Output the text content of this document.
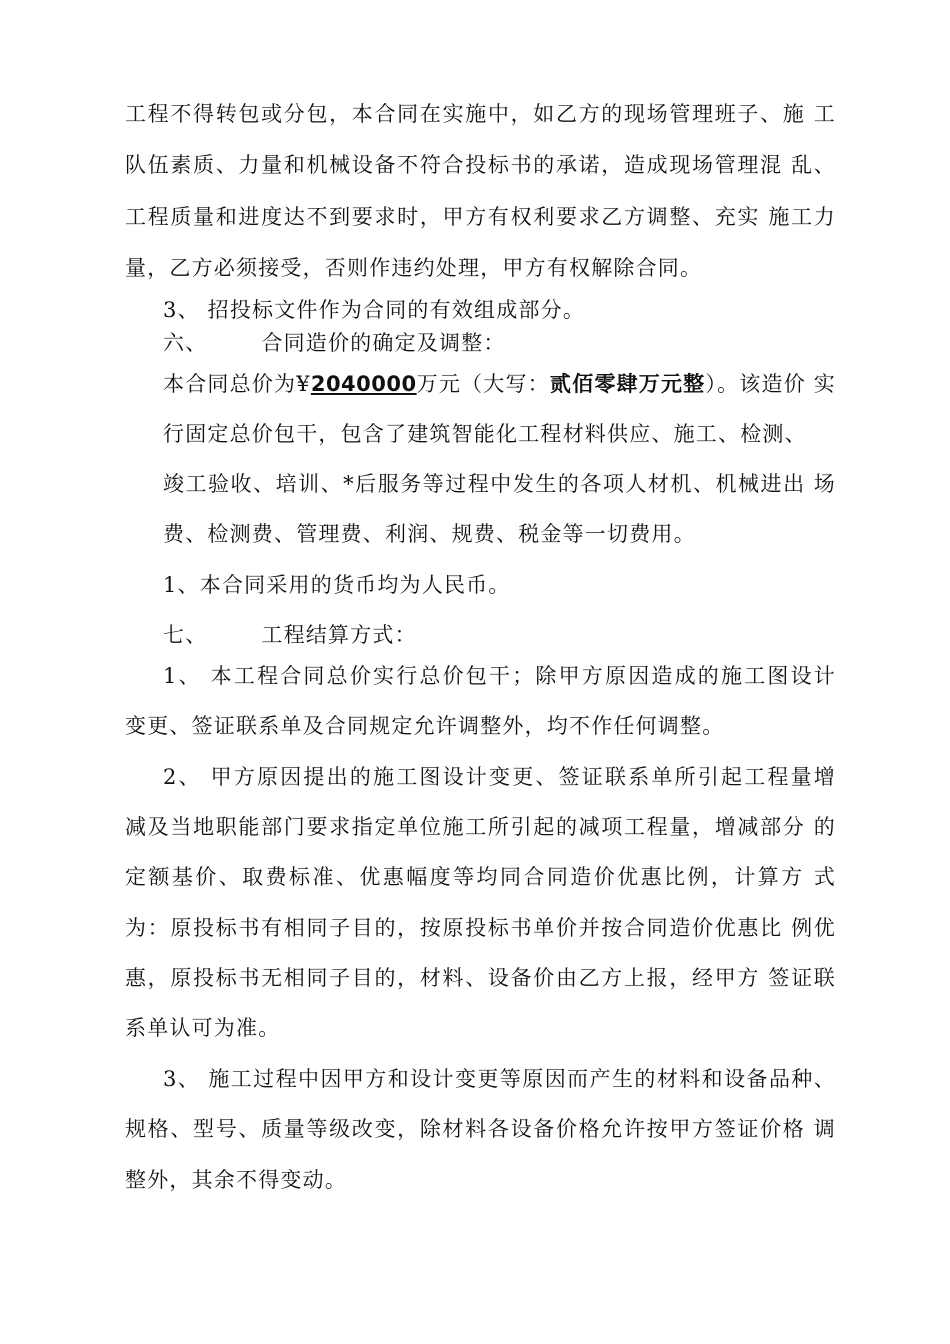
工程不得转包或分包，本合同在实施中，如乙方的现场管理班子、施 工
队伍素质、力量和机械设备不符合投标书的承诺，造成现场管理混 乱、
工程质量和进度达不到要求时，甲方有权利要求乙方调整、充实 施工力
量，乙方必须接受，否则作违约处理，甲方有权解除合同。
3、 招投标文件作为合同的有效组成部分。
六、	合同造价的确定及调整：
本合同总价为¥2040000万元（大写：贰佰零肆万元整）。该造价 实
行固定总价包干，包含了建筑智能化工程材料供应、施工、检测、
竣工验收、培训、*后服务等过程中发生的各项人材机、机械进出 场
费、检测费、管理费、利润、规费、税金等一切费用。
1、本合同采用的货币均为人民币。
七、	工程结算方式：
1、 本工程合同总价实行总价包干；除甲方原因造成的施工图设计
变更、签证联系单及合同规定允许调整外，均不作任何调整。
2、 甲方原因提出的施工图设计变更、签证联系单所引起工程量增
减及当地职能部门要求指定单位施工所引起的减项工程量，增减部分 的
定额基价、取费标准、优惠幅度等均同合同造价优惠比例，计算方 式
为：原投标书有相同子目的，按原投标书单价并按合同造价优惠比 例优
惠，原投标书无相同子目的，材料、设备价由乙方上报，经甲方 签证联
系单认可为准。
3、 施工过程中因甲方和设计变更等原因而产生的材料和设备品种、
规格、型号、质量等级改变，除材料各设备价格允许按甲方签证价格 调
整外，其余不得变动。
